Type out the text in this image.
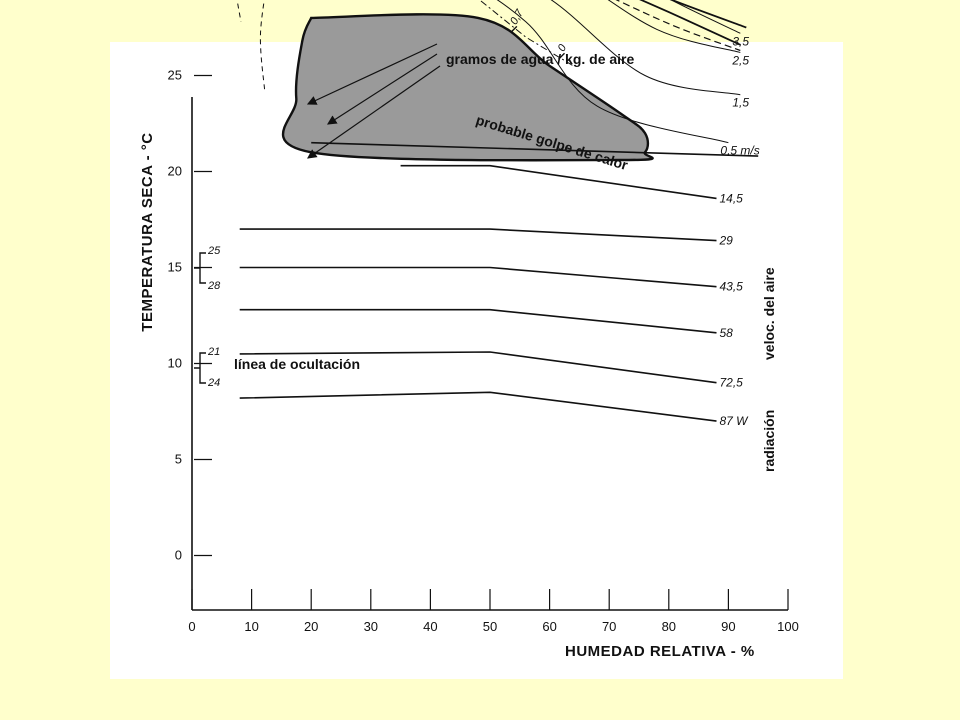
0
5
10
15
20
25
0	10	20	30	40	50	60	70	80	90	100
14,5
29
43,5
58
72,5
87 W
3,5
2,5
1,5
0,5 m/s
0,7
0
TEMPERATURA SECA - °C
HUMEDAD RELATIVA - %
gramos de agua / kg. de aire
probable golpe de calor
línea de ocultación
veloc. del aire
radiación
25
28
21
24
